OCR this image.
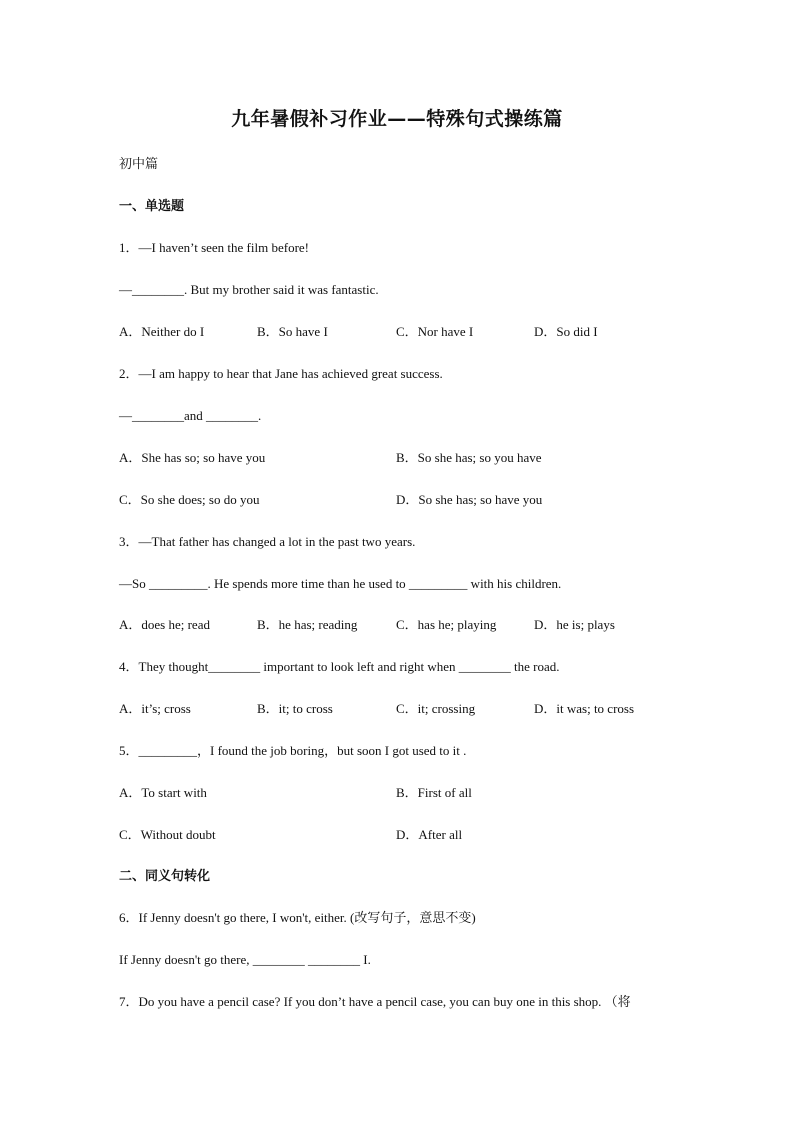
九年暑假补习作业——特殊句式操练篇
初中篇
一、单选题
1．—I haven’t seen the film before!
—________. But my brother said it was fantastic.
A．Neither do I	B．So have I	C．Nor have I	D．So did I
2．—I am happy to hear that Jane has achieved great success.
—________and ________.
A．She has so; so have you	B．So she has; so you have
C．So she does; so do you	D．So she has; so have you
3．—That father has changed a lot in the past two years.
—So _________. He spends more time than he used to _________ with his children.
A．does he; read	B．he has; reading	C．has he; playing	D．he is; plays
4．They thought________ important to look left and right when ________ the road.
A．it’s; cross	B．it; to cross	C．it; crossing	D．it was; to cross
5．_________，I found the job boring，but soon I got used to it .
A．To start with	B．First of all
C．Without doubt	D．After all
二、同义句转化
6．If Jenny doesn't go there, I won't, either. (改写句子，意思不变)
If Jenny doesn't go there, ________ ________ I.
7．Do you have a pencil case? If you don’t have a pencil case, you can buy one in this shop. （将
